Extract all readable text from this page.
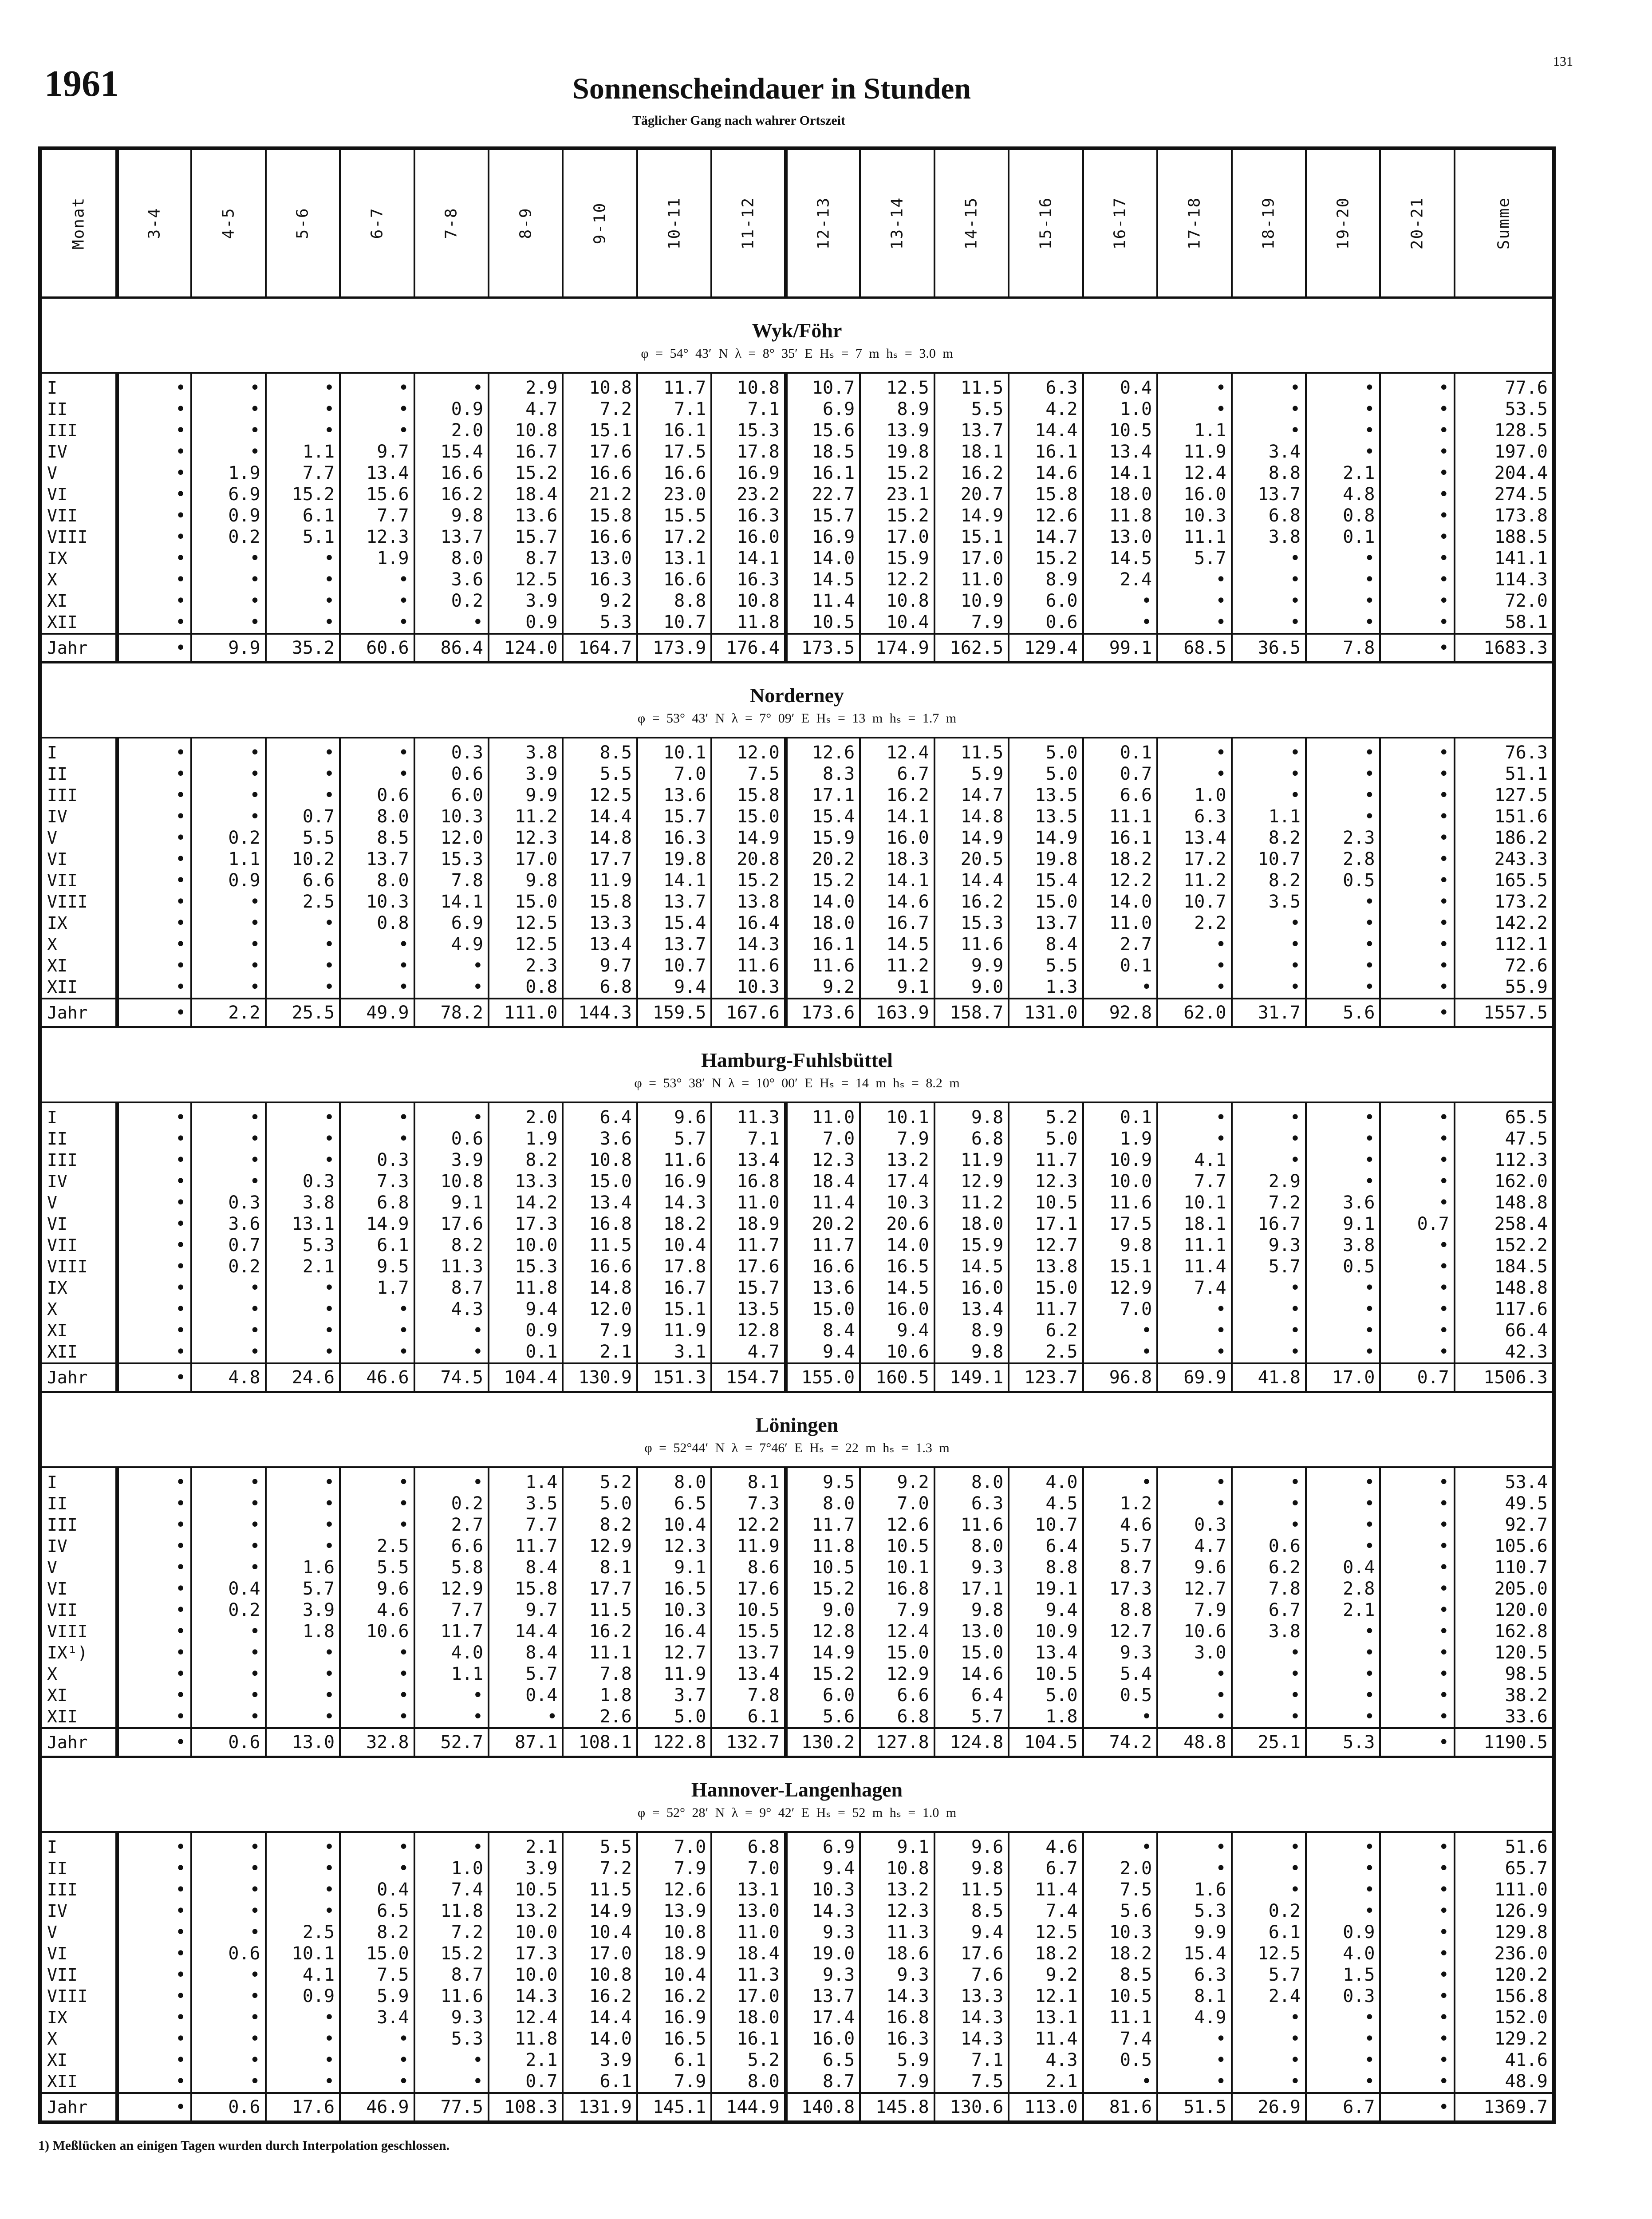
1961	Sonnenscheindauer in Stunden
Täglicher Gang nach wahrer Ortszeit
131
Monat	3-4	4-5	5-6	6-7	7-8	8-9	9-10	10-11	11-12	12-13	13-14	14-15	15-16	16-17	17-18	18-19	19-20	20-21	Summe

Wyk/Föhr
φ = 54° 43′ N λ = 8° 35′ E Hₛ = 7 m hₛ = 3.0 m																			

I	•	•	•	•	•	2.9	10.8	11.7	10.8	10.7	12.5	11.5	6.3	0.4	•	•	•	•	77.6
II	•	•	•	•	0.9	4.7	7.2	7.1	7.1	6.9	8.9	5.5	4.2	1.0	•	•	•	•	53.5
III	•	•	•	•	2.0	10.8	15.1	16.1	15.3	15.6	13.9	13.7	14.4	10.5	1.1	•	•	•	128.5
IV	•	•	1.1	9.7	15.4	16.7	17.6	17.5	17.8	18.5	19.8	18.1	16.1	13.4	11.9	3.4	•	•	197.0
V	•	1.9	7.7	13.4	16.6	15.2	16.6	16.6	16.9	16.1	15.2	16.2	14.6	14.1	12.4	8.8	2.1	•	204.4
VI	•	6.9	15.2	15.6	16.2	18.4	21.2	23.0	23.2	22.7	23.1	20.7	15.8	18.0	16.0	13.7	4.8	•	274.5
VII	•	0.9	6.1	7.7	9.8	13.6	15.8	15.5	16.3	15.7	15.2	14.9	12.6	11.8	10.3	6.8	0.8	•	173.8
VIII	•	0.2	5.1	12.3	13.7	15.7	16.6	17.2	16.0	16.9	17.0	15.1	14.7	13.0	11.1	3.8	0.1	•	188.5
IX	•	•	•	1.9	8.0	8.7	13.0	13.1	14.1	14.0	15.9	17.0	15.2	14.5	5.7	•	•	•	141.1
X	•	•	•	•	3.6	12.5	16.3	16.6	16.3	14.5	12.2	11.0	8.9	2.4	•	•	•	•	114.3
XI	•	•	•	•	0.2	3.9	9.2	8.8	10.8	11.4	10.8	10.9	6.0	•	•	•	•	•	72.0
XII	•	•	•	•	•	0.9	5.3	10.7	11.8	10.5	10.4	7.9	0.6	•	•	•	•	•	58.1
Jahr	•	9.9	35.2	60.6	86.4	124.0	164.7	173.9	176.4	173.5	174.9	162.5	129.4	99.1	68.5	36.5	7.8	•	1683.3

Norderney
φ = 53° 43′ N λ = 7° 09′ E Hₛ = 13 m hₛ = 1.7 m																			

I	•	•	•	•	0.3	3.8	8.5	10.1	12.0	12.6	12.4	11.5	5.0	0.1	•	•	•	•	76.3
II	•	•	•	•	0.6	3.9	5.5	7.0	7.5	8.3	6.7	5.9	5.0	0.7	•	•	•	•	51.1
III	•	•	•	0.6	6.0	9.9	12.5	13.6	15.8	17.1	16.2	14.7	13.5	6.6	1.0	•	•	•	127.5
IV	•	•	0.7	8.0	10.3	11.2	14.4	15.7	15.0	15.4	14.1	14.8	13.5	11.1	6.3	1.1	•	•	151.6
V	•	0.2	5.5	8.5	12.0	12.3	14.8	16.3	14.9	15.9	16.0	14.9	14.9	16.1	13.4	8.2	2.3	•	186.2
VI	•	1.1	10.2	13.7	15.3	17.0	17.7	19.8	20.8	20.2	18.3	20.5	19.8	18.2	17.2	10.7	2.8	•	243.3
VII	•	0.9	6.6	8.0	7.8	9.8	11.9	14.1	15.2	15.2	14.1	14.4	15.4	12.2	11.2	8.2	0.5	•	165.5
VIII	•	•	2.5	10.3	14.1	15.0	15.8	13.7	13.8	14.0	14.6	16.2	15.0	14.0	10.7	3.5	•	•	173.2
IX	•	•	•	0.8	6.9	12.5	13.3	15.4	16.4	18.0	16.7	15.3	13.7	11.0	2.2	•	•	•	142.2
X	•	•	•	•	4.9	12.5	13.4	13.7	14.3	16.1	14.5	11.6	8.4	2.7	•	•	•	•	112.1
XI	•	•	•	•	•	2.3	9.7	10.7	11.6	11.6	11.2	9.9	5.5	0.1	•	•	•	•	72.6
XII	•	•	•	•	•	0.8	6.8	9.4	10.3	9.2	9.1	9.0	1.3	•	•	•	•	•	55.9
Jahr	•	2.2	25.5	49.9	78.2	111.0	144.3	159.5	167.6	173.6	163.9	158.7	131.0	92.8	62.0	31.7	5.6	•	1557.5

Hamburg-Fuhlsbüttel
φ = 53° 38′ N λ = 10° 00′ E Hₛ = 14 m hₛ = 8.2 m																			

I	•	•	•	•	•	2.0	6.4	9.6	11.3	11.0	10.1	9.8	5.2	0.1	•	•	•	•	65.5
II	•	•	•	•	0.6	1.9	3.6	5.7	7.1	7.0	7.9	6.8	5.0	1.9	•	•	•	•	47.5
III	•	•	•	0.3	3.9	8.2	10.8	11.6	13.4	12.3	13.2	11.9	11.7	10.9	4.1	•	•	•	112.3
IV	•	•	0.3	7.3	10.8	13.3	15.0	16.9	16.8	18.4	17.4	12.9	12.3	10.0	7.7	2.9	•	•	162.0
V	•	0.3	3.8	6.8	9.1	14.2	13.4	14.3	11.0	11.4	10.3	11.2	10.5	11.6	10.1	7.2	3.6	•	148.8
VI	•	3.6	13.1	14.9	17.6	17.3	16.8	18.2	18.9	20.2	20.6	18.0	17.1	17.5	18.1	16.7	9.1	0.7	258.4
VII	•	0.7	5.3	6.1	8.2	10.0	11.5	10.4	11.7	11.7	14.0	15.9	12.7	9.8	11.1	9.3	3.8	•	152.2
VIII	•	0.2	2.1	9.5	11.3	15.3	16.6	17.8	17.6	16.6	16.5	14.5	13.8	15.1	11.4	5.7	0.5	•	184.5
IX	•	•	•	1.7	8.7	11.8	14.8	16.7	15.7	13.6	14.5	16.0	15.0	12.9	7.4	•	•	•	148.8
X	•	•	•	•	4.3	9.4	12.0	15.1	13.5	15.0	16.0	13.4	11.7	7.0	•	•	•	•	117.6
XI	•	•	•	•	•	0.9	7.9	11.9	12.8	8.4	9.4	8.9	6.2	•	•	•	•	•	66.4
XII	•	•	•	•	•	0.1	2.1	3.1	4.7	9.4	10.6	9.8	2.5	•	•	•	•	•	42.3
Jahr	•	4.8	24.6	46.6	74.5	104.4	130.9	151.3	154.7	155.0	160.5	149.1	123.7	96.8	69.9	41.8	17.0	0.7	1506.3

Löningen
φ = 52°44′ N λ = 7°46′ E Hₛ = 22 m hₛ = 1.3 m																			

I	•	•	•	•	•	1.4	5.2	8.0	8.1	9.5	9.2	8.0	4.0	•	•	•	•	•	53.4
II	•	•	•	•	0.2	3.5	5.0	6.5	7.3	8.0	7.0	6.3	4.5	1.2	•	•	•	•	49.5
III	•	•	•	•	2.7	7.7	8.2	10.4	12.2	11.7	12.6	11.6	10.7	4.6	0.3	•	•	•	92.7
IV	•	•	•	2.5	6.6	11.7	12.9	12.3	11.9	11.8	10.5	8.0	6.4	5.7	4.7	0.6	•	•	105.6
V	•	•	1.6	5.5	5.8	8.4	8.1	9.1	8.6	10.5	10.1	9.3	8.8	8.7	9.6	6.2	0.4	•	110.7
VI	•	0.4	5.7	9.6	12.9	15.8	17.7	16.5	17.6	15.2	16.8	17.1	19.1	17.3	12.7	7.8	2.8	•	205.0
VII	•	0.2	3.9	4.6	7.7	9.7	11.5	10.3	10.5	9.0	7.9	9.8	9.4	8.8	7.9	6.7	2.1	•	120.0
VIII	•	•	1.8	10.6	11.7	14.4	16.2	16.4	15.5	12.8	12.4	13.0	10.9	12.7	10.6	3.8	•	•	162.8
IX¹)	•	•	•	•	4.0	8.4	11.1	12.7	13.7	14.9	15.0	15.0	13.4	9.3	3.0	•	•	•	120.5
X	•	•	•	•	1.1	5.7	7.8	11.9	13.4	15.2	12.9	14.6	10.5	5.4	•	•	•	•	98.5
XI	•	•	•	•	•	0.4	1.8	3.7	7.8	6.0	6.6	6.4	5.0	0.5	•	•	•	•	38.2
XII	•	•	•	•	•	•	2.6	5.0	6.1	5.6	6.8	5.7	1.8	•	•	•	•	•	33.6
Jahr	•	0.6	13.0	32.8	52.7	87.1	108.1	122.8	132.7	130.2	127.8	124.8	104.5	74.2	48.8	25.1	5.3	•	1190.5

Hannover-Langenhagen
φ = 52° 28′ N λ = 9° 42′ E Hₛ = 52 m hₛ = 1.0 m																			

I	•	•	•	•	•	2.1	5.5	7.0	6.8	6.9	9.1	9.6	4.6	•	•	•	•	•	51.6
II	•	•	•	•	1.0	3.9	7.2	7.9	7.0	9.4	10.8	9.8	6.7	2.0	•	•	•	•	65.7
III	•	•	•	0.4	7.4	10.5	11.5	12.6	13.1	10.3	13.2	11.5	11.4	7.5	1.6	•	•	•	111.0
IV	•	•	•	6.5	11.8	13.2	14.9	13.9	13.0	14.3	12.3	8.5	7.4	5.6	5.3	0.2	•	•	126.9
V	•	•	2.5	8.2	7.2	10.0	10.4	10.8	11.0	9.3	11.3	9.4	12.5	10.3	9.9	6.1	0.9	•	129.8
VI	•	0.6	10.1	15.0	15.2	17.3	17.0	18.9	18.4	19.0	18.6	17.6	18.2	18.2	15.4	12.5	4.0	•	236.0
VII	•	•	4.1	7.5	8.7	10.0	10.8	10.4	11.3	9.3	9.3	7.6	9.2	8.5	6.3	5.7	1.5	•	120.2
VIII	•	•	0.9	5.9	11.6	14.3	16.2	16.2	17.0	13.7	14.3	13.3	12.1	10.5	8.1	2.4	0.3	•	156.8
IX	•	•	•	3.4	9.3	12.4	14.4	16.9	18.0	17.4	16.8	14.3	13.1	11.1	4.9	•	•	•	152.0
X	•	•	•	•	5.3	11.8	14.0	16.5	16.1	16.0	16.3	14.3	11.4	7.4	•	•	•	•	129.2
XI	•	•	•	•	•	2.1	3.9	6.1	5.2	6.5	5.9	7.1	4.3	0.5	•	•	•	•	41.6
XII	•	•	•	•	•	0.7	6.1	7.9	8.0	8.7	7.9	7.5	2.1	•	•	•	•	•	48.9
Jahr	•	0.6	17.6	46.9	77.5	108.3	131.9	145.1	144.9	140.8	145.8	130.6	113.0	81.6	51.5	26.9	6.7	•	1369.7
1) Meßlücken an einigen Tagen wurden durch Interpolation geschlossen.
